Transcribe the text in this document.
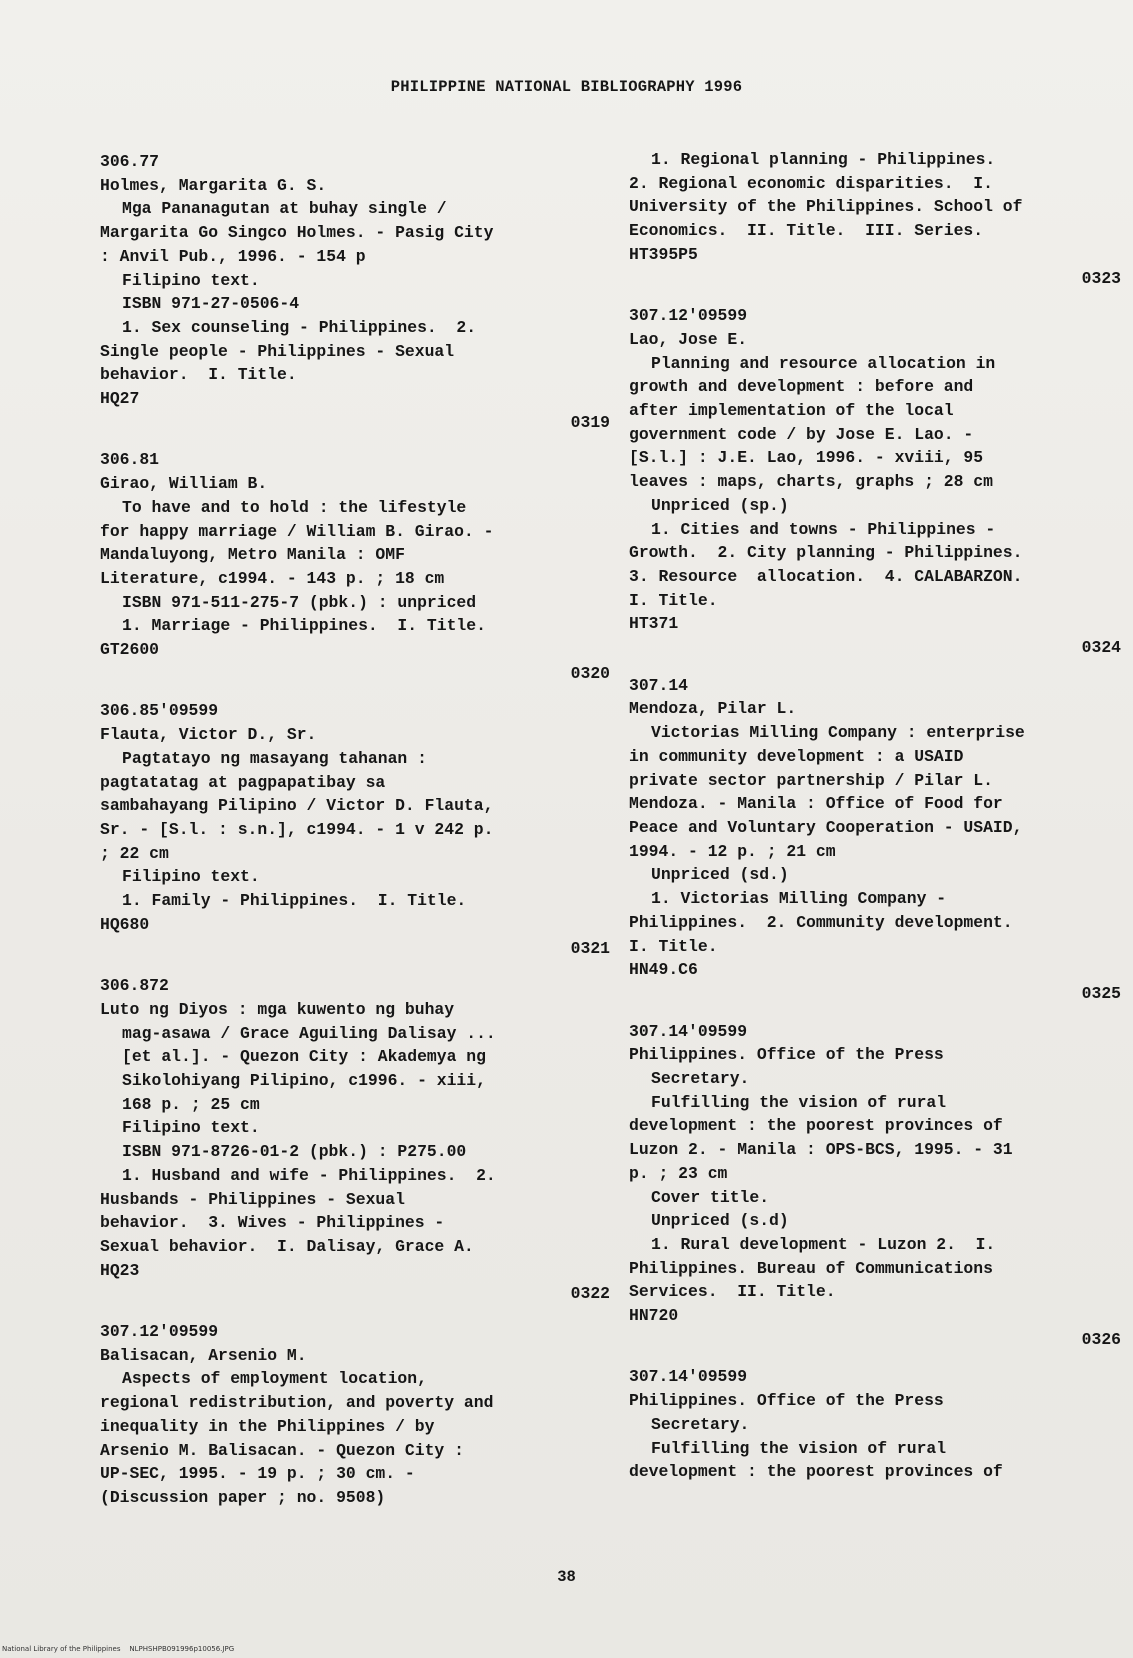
PHILIPPINE NATIONAL BIBLIOGRAPHY 1996
306.77
Holmes, Margarita G. S.
Mga Pananagutan at buhay single /
Margarita Go Singco Holmes. - Pasig City
: Anvil Pub., 1996. - 154 p
Filipino text.
ISBN 971-27-0506-4
1. Sex counseling - Philippines.  2.
Single people - Philippines - Sexual
behavior.  I. Title.
HQ27
0319
306.81
Girao, William B.
To have and to hold : the lifestyle
for happy marriage / William B. Girao. -
Mandaluyong, Metro Manila : OMF
Literature, c1994. - 143 p. ; 18 cm
ISBN 971-511-275-7 (pbk.) : unpriced
1. Marriage - Philippines.  I. Title.
GT2600
0320
306.85'09599
Flauta, Victor D., Sr.
Pagtatayo ng masayang tahanan :
pagtatatag at pagpapatibay sa
sambahayang Pilipino / Victor D. Flauta,
Sr. - [S.l. : s.n.], c1994. - 1 v 242 p.
; 22 cm
Filipino text.
1. Family - Philippines.  I. Title.
HQ680
0321
306.872
Luto ng Diyos : mga kuwento ng buhay
mag-asawa / Grace Aguiling Dalisay ...
[et al.]. - Quezon City : Akademya ng
Sikolohiyang Pilipino, c1996. - xiii,
168 p. ; 25 cm
Filipino text.
ISBN 971-8726-01-2 (pbk.) : P275.00
1. Husband and wife - Philippines.  2.
Husbands - Philippines - Sexual
behavior.  3. Wives - Philippines -
Sexual behavior.  I. Dalisay, Grace A.
HQ23
0322
307.12'09599
Balisacan, Arsenio M.
Aspects of employment location,
regional redistribution, and poverty and
inequality in the Philippines / by
Arsenio M. Balisacan. - Quezon City :
UP-SEC, 1995. - 19 p. ; 30 cm. -
(Discussion paper ; no. 9508)
1. Regional planning - Philippines.
2. Regional economic disparities.  I.
University of the Philippines. School of
Economics.  II. Title.  III. Series.
HT395P5
0323
307.12'09599
Lao, Jose E.
Planning and resource allocation in
growth and development : before and
after implementation of the local
government code / by Jose E. Lao. -
[S.l.] : J.E. Lao, 1996. - xviii, 95
leaves : maps, charts, graphs ; 28 cm
Unpriced (sp.)
1. Cities and towns - Philippines -
Growth.  2. City planning - Philippines.
3. Resource  allocation.  4. CALABARZON.
I. Title.
HT371
0324
307.14
Mendoza, Pilar L.
Victorias Milling Company : enterprise
in community development : a USAID
private sector partnership / Pilar L.
Mendoza. - Manila : Office of Food for
Peace and Voluntary Cooperation - USAID,
1994. - 12 p. ; 21 cm
Unpriced (sd.)
1. Victorias Milling Company -
Philippines.  2. Community development.
I. Title.
HN49.C6
0325
307.14'09599
Philippines. Office of the Press
Secretary.
Fulfilling the vision of rural
development : the poorest provinces of
Luzon 2. - Manila : OPS-BCS, 1995. - 31
p. ; 23 cm
Cover title.
Unpriced (s.d)
1. Rural development - Luzon 2.  I.
Philippines. Bureau of Communications
Services.  II. Title.
HN720
0326
307.14'09599
Philippines. Office of the Press
Secretary.
Fulfilling the vision of rural
development : the poorest provinces of
38
National Library of the Philippines    NLPHSHPB091996p10056.JPG
